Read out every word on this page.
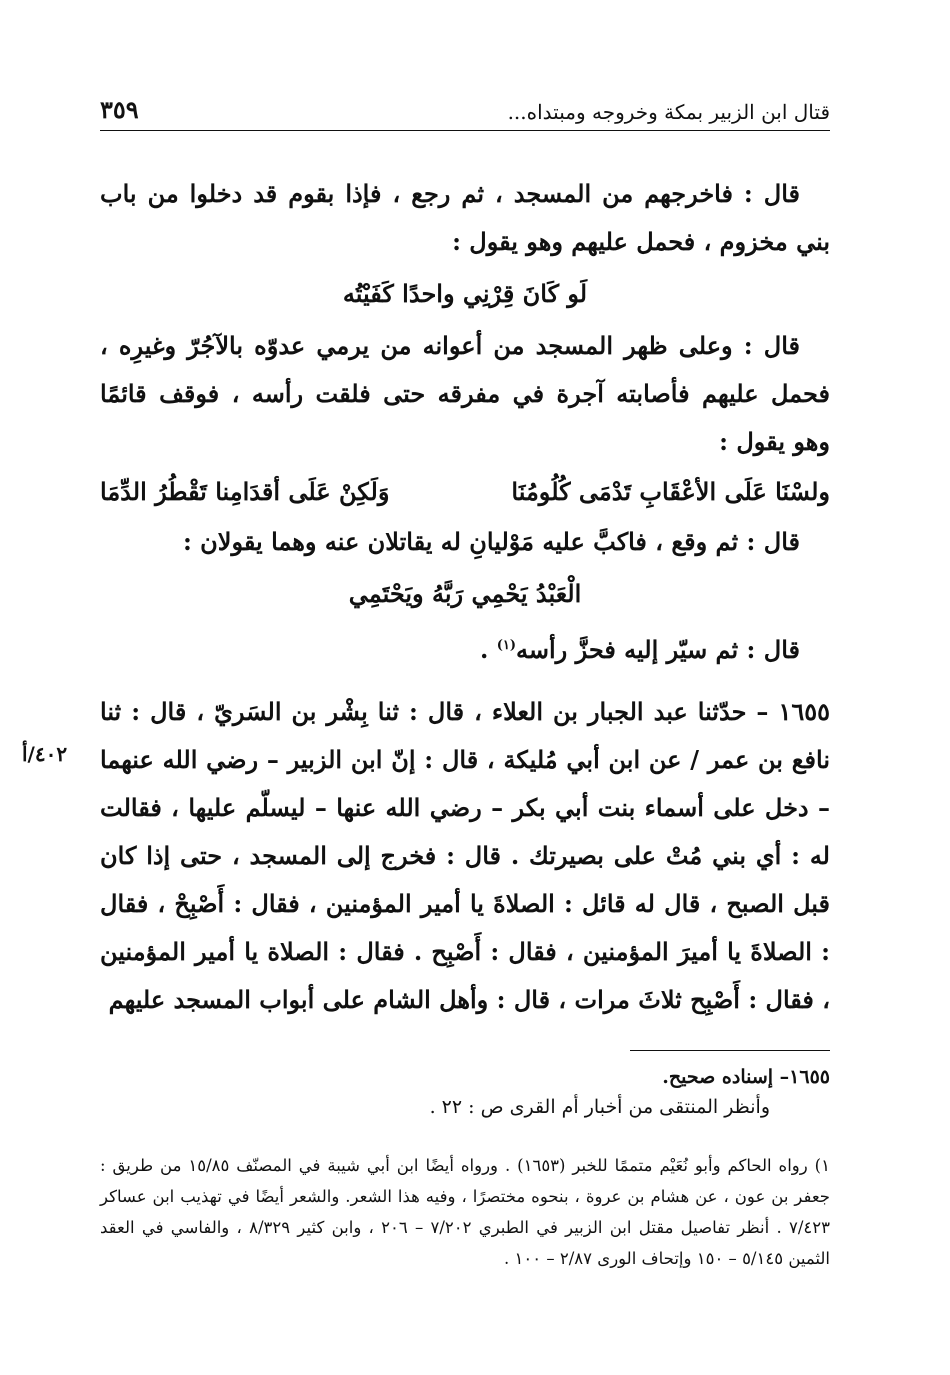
قتال ابن الزبير بمكة وخروجه ومبتداه...
٣٥٩

قال : فاخرجهم من المسجد ، ثم رجع ، فإذا بقوم قد دخلوا من باب بني مخزوم ، فحمل عليهم وهو يقول :

لَو كَانَ قِرْنِي واحدًا كَفَيْتُه

قال : وعلى ظهر المسجد من أعوانه من يرمي عدوّه بالآجُرّ وغيرِه ، فحمل عليهم فأصابته آجرة في مفرقه حتى فلقت رأسه ، فوقف قائمًا وهو يقول :

ولسْنَا عَلَى الأعْقَابِ تَدْمَى كُلُومُنَا
وَلَكِنْ عَلَى أقدَامِنا تَقْطُرُ الدِّمَا

قال : ثم وقع ، فاكبَّ عليه مَوْليانِ له يقاتلان عنه وهما يقولان :

الْعَبْدُ يَحْمِي رَبَّهُ ويَحْتَمِي

قال : ثم سيّر إليه فحزَّ رأسه$^{(١)}$ .

١٦٥٥ – حدّثنا عبد الجبار بن العلاء ، قال : ثنا بِشْر بن السَريّ ، قال : ثنا نافع بن عمر / عن ابن أبي مُليكة ، قال : إنّ ابن الزبير – رضي الله عنهما – دخل على أسماء بنت أبي بكر – رضي الله عنها – ليسلّم عليها ، فقالت له : أي بني مُتْ على بصيرتك . قال : فخرج إلى المسجد ، حتى إذا كان قبل الصبح ، قال له قائل : الصلاةَ يا أمير المؤمنين ، فقال : أَصْبِحْ ، فقال : الصلاةَ يا أميرَ المؤمنين ، فقال : أَصْبِح . فقال : الصلاة يا أمير المؤمنين ، فقال : أَصْبِح ثلاثَ مرات ، قال : وأهل الشام على أبواب المسجد عليهم

٤٠٢/أ
١٦٥٥– إسناده صحيح.
وأنظر المنتقى من أخبار أم القرى ص : ٢٢ .
١) رواه الحاكم وأبو نُعَيْم متممًا للخبر (١٦٥٣) . ورواه أيضًا ابن أبي شيبة في المصنّف ١٥/٨٥ من طريق : جعفر بن عون ، عن هشام بن عروة ، بنحوه مختصرًا ، وفيه هذا الشعر. والشعر أيضًا في تهذيب ابن عساكر ٧/٤٢٣ . أنظر تفاصيل مقتل ابن الزبير في الطبري ٧/٢٠٢ – ٢٠٦ ، وابن كثير ٨/٣٢٩ ، والفاسي في العقد الثمين ٥/١٤٥ – ١٥٠ وإتحاف الورى ٢/٨٧ – ١٠٠ .
